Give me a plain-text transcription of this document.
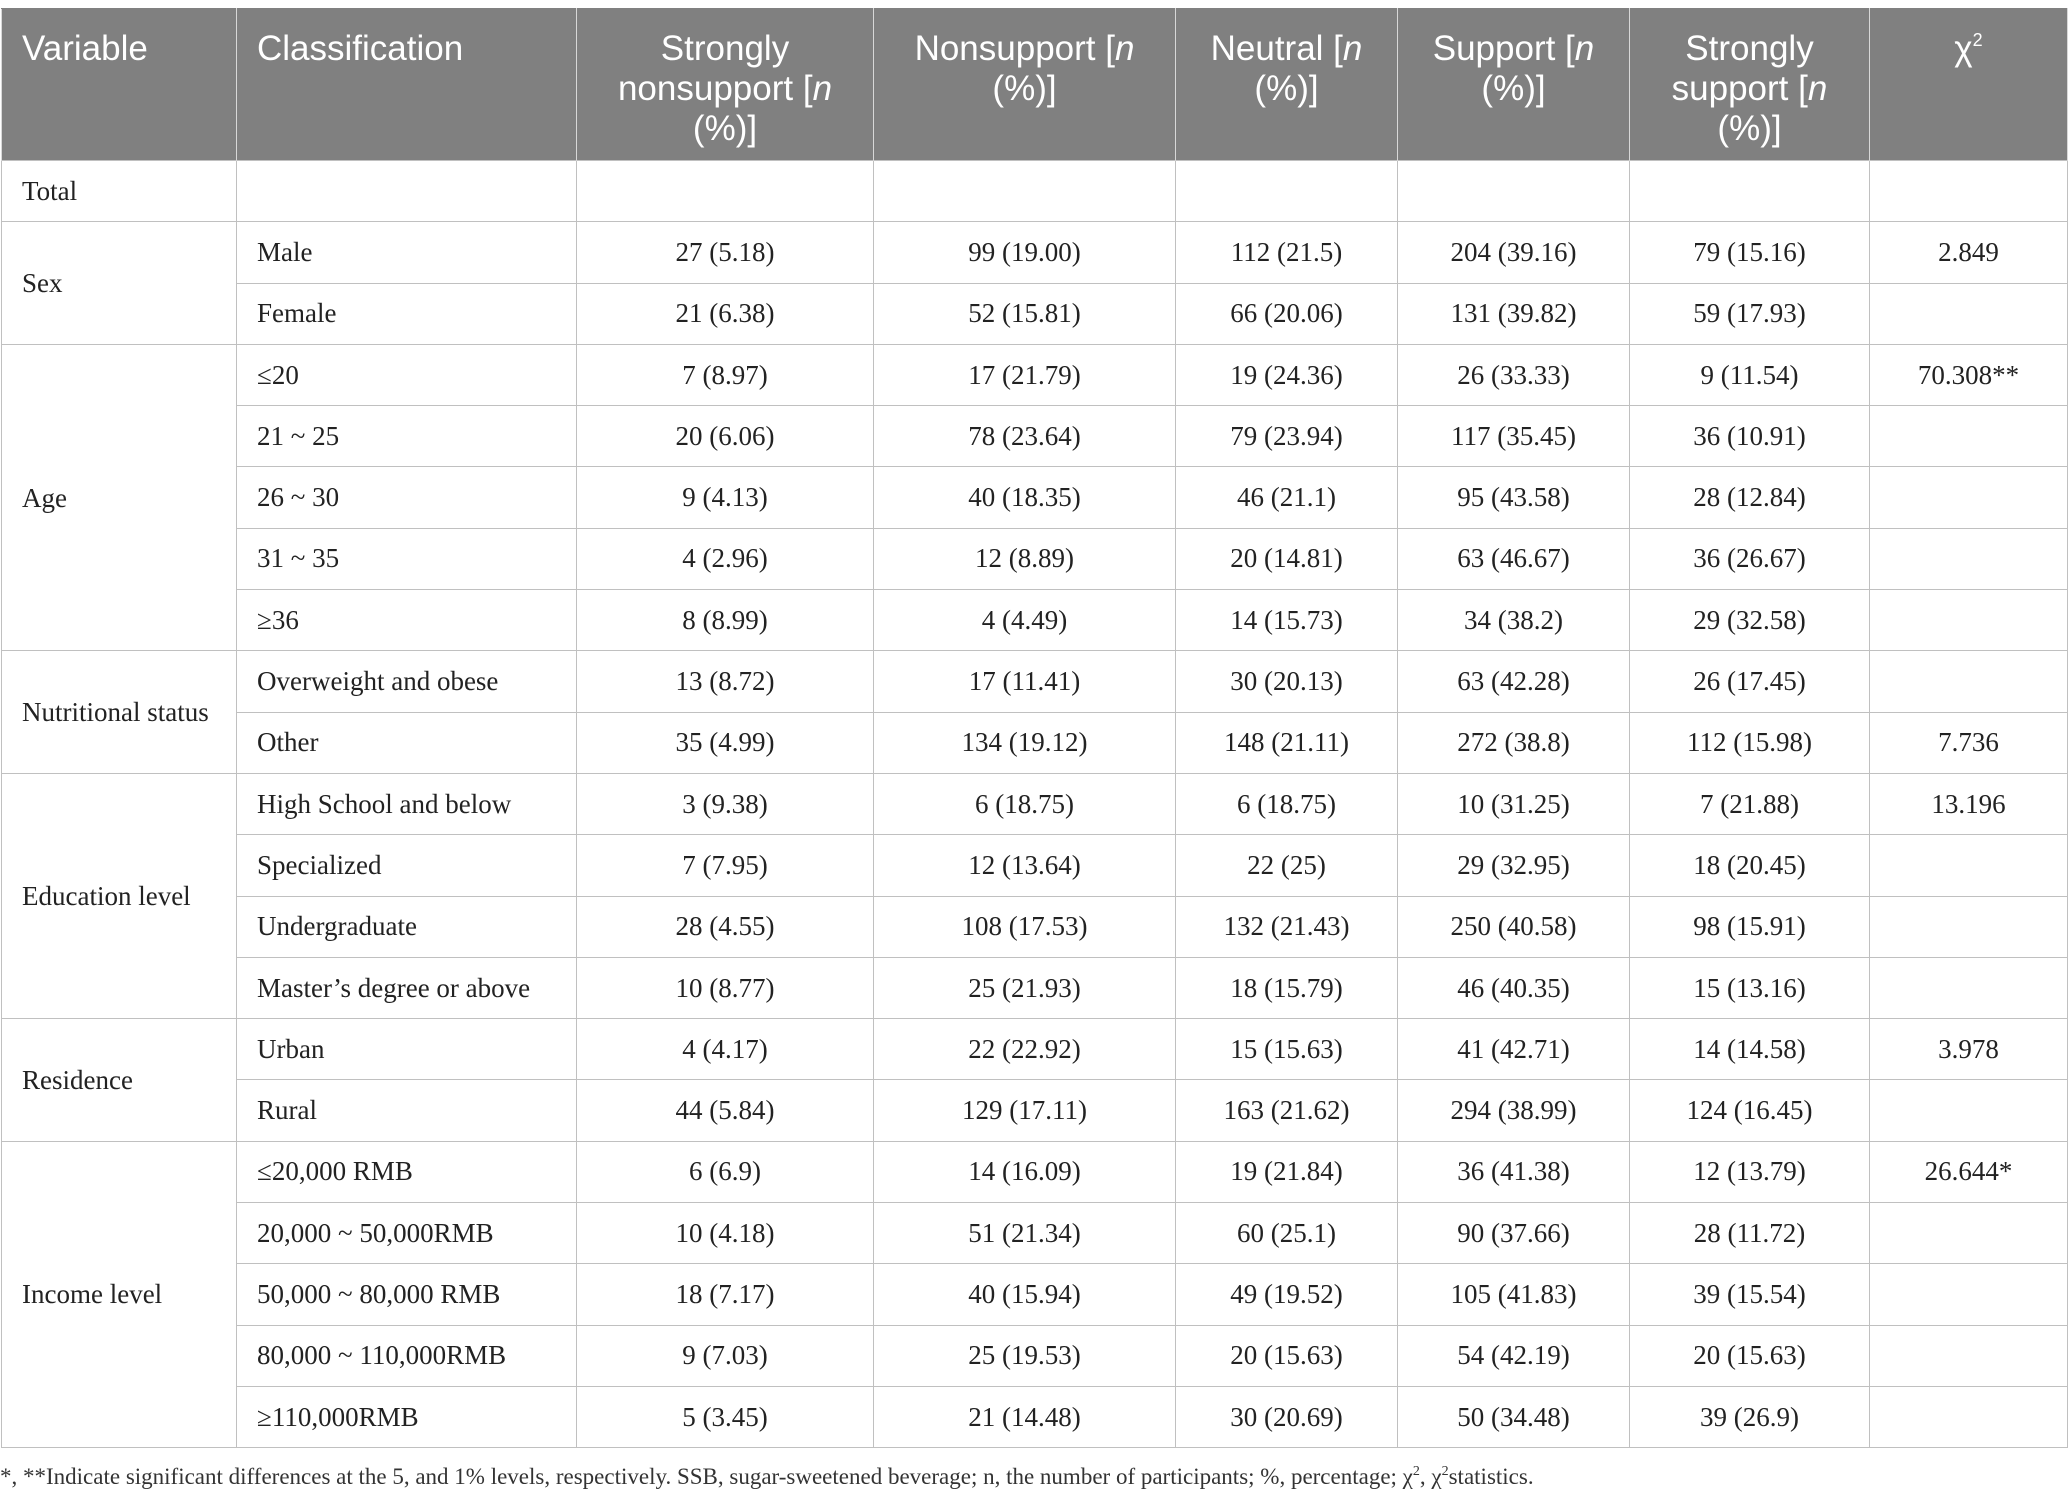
Variable	Classification	Strongly nonsupport [n (%)]	Nonsupport [n (%)]	Neutral [n (%)]	Support [n (%)]	Strongly support [n (%)]	$\chi^2$
Total							
Sex	Male	27 (5.18)	99 (19.00)	112 (21.5)	204 (39.16)	79 (15.16)	2.849
	Female	21 (6.38)	52 (15.81)	66 (20.06)	131 (39.82)	59 (17.93)	
Age	≤20	7 (8.97)	17 (21.79)	19 (24.36)	26 (33.33)	9 (11.54)	70.308**
	21 ~ 25	20 (6.06)	78 (23.64)	79 (23.94)	117 (35.45)	36 (10.91)	
	26 ~ 30	9 (4.13)	40 (18.35)	46 (21.1)	95 (43.58)	28 (12.84)	
	31 ~ 35	4 (2.96)	12 (8.89)	20 (14.81)	63 (46.67)	36 (26.67)	
	≥36	8 (8.99)	4 (4.49)	14 (15.73)	34 (38.2)	29 (32.58)	
Nutritional status	Overweight and obese	13 (8.72)	17 (11.41)	30 (20.13)	63 (42.28)	26 (17.45)	
	Other	35 (4.99)	134 (19.12)	148 (21.11)	272 (38.8)	112 (15.98)	7.736
Education level	High School and below	3 (9.38)	6 (18.75)	6 (18.75)	10 (31.25)	7 (21.88)	13.196
	Specialized	7 (7.95)	12 (13.64)	22 (25)	29 (32.95)	18 (20.45)	
	Undergraduate	28 (4.55)	108 (17.53)	132 (21.43)	250 (40.58)	98 (15.91)	
	Master’s degree or above	10 (8.77)	25 (21.93)	18 (15.79)	46 (40.35)	15 (13.16)	
Residence	Urban	4 (4.17)	22 (22.92)	15 (15.63)	41 (42.71)	14 (14.58)	3.978
	Rural	44 (5.84)	129 (17.11)	163 (21.62)	294 (38.99)	124 (16.45)	
Income level	≤20,000 RMB	6 (6.9)	14 (16.09)	19 (21.84)	36 (41.38)	12 (13.79)	26.644*
	20,000 ~ 50,000RMB	10 (4.18)	51 (21.34)	60 (25.1)	90 (37.66)	28 (11.72)	
	50,000 ~ 80,000 RMB	18 (7.17)	40 (15.94)	49 (19.52)	105 (41.83)	39 (15.54)	
	80,000 ~ 110,000RMB	9 (7.03)	25 (19.53)	20 (15.63)	54 (42.19)	20 (15.63)	
	≥110,000RMB	5 (3.45)	21 (14.48)	30 (20.69)	50 (34.48)	39 (26.9)	
*, **Indicate significant differences at the 5, and 1% levels, respectively. SSB, sugar-sweetened beverage; n, the number of participants; %, percentage; $\chi^2$, $\chi^2statistics$.
